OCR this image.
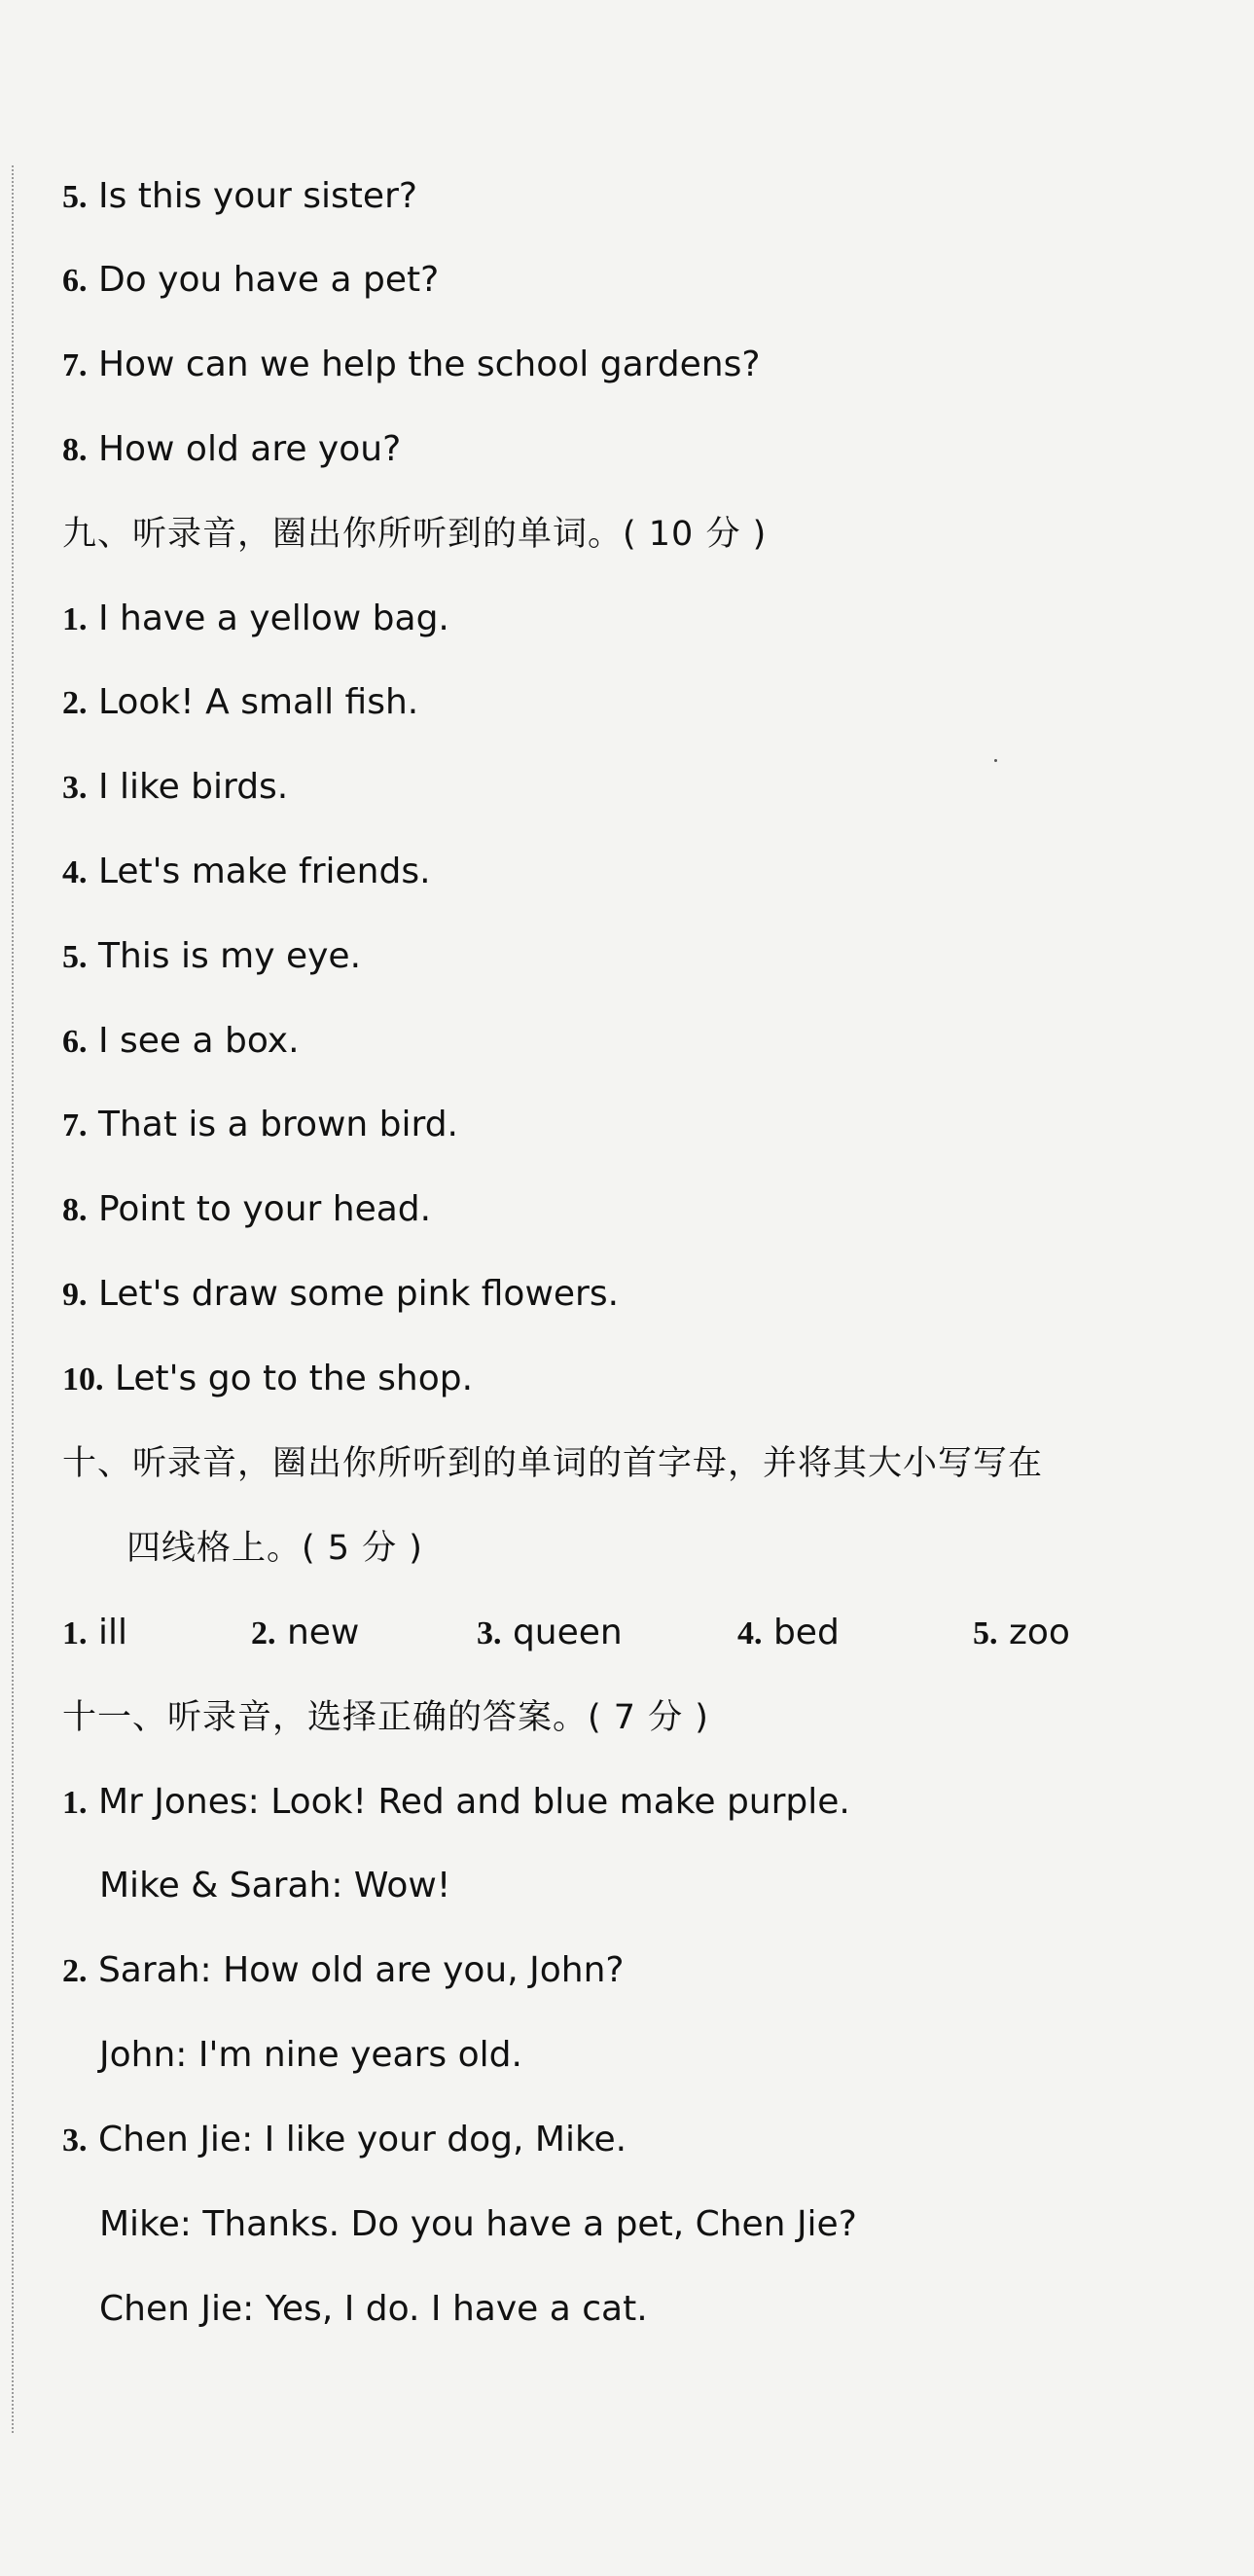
5. Is this your sister?
6. Do you have a pet?
7. How can we help the school gardens?
8. How old are you?
九、听录音，圈出你所听到的单词。( 10 分 )
1. I have a yellow bag.
2. Look! A small fish.
3. I like birds.
4. Let's make friends.
5. This is my eye.
6. I see a box.
7. That is a brown bird.
8. Point to your head.
9. Let's draw some pink flowers.
10. Let's go to the shop.
十、听录音，圈出你所听到的单词的首字母，并将其大小写写在
四线格上。( 5 分 )
1. ill	2. new	3. queen	4. bed	5. zoo
十一、听录音，选择正确的答案。( 7 分 )
1. Mr Jones: Look! Red and blue make purple.
Mike & Sarah: Wow!
2. Sarah: How old are you, John?
John: I'm nine years old.
3. Chen Jie: I like your dog, Mike.
Mike: Thanks. Do you have a pet, Chen Jie?
Chen Jie: Yes, I do. I have a cat.
